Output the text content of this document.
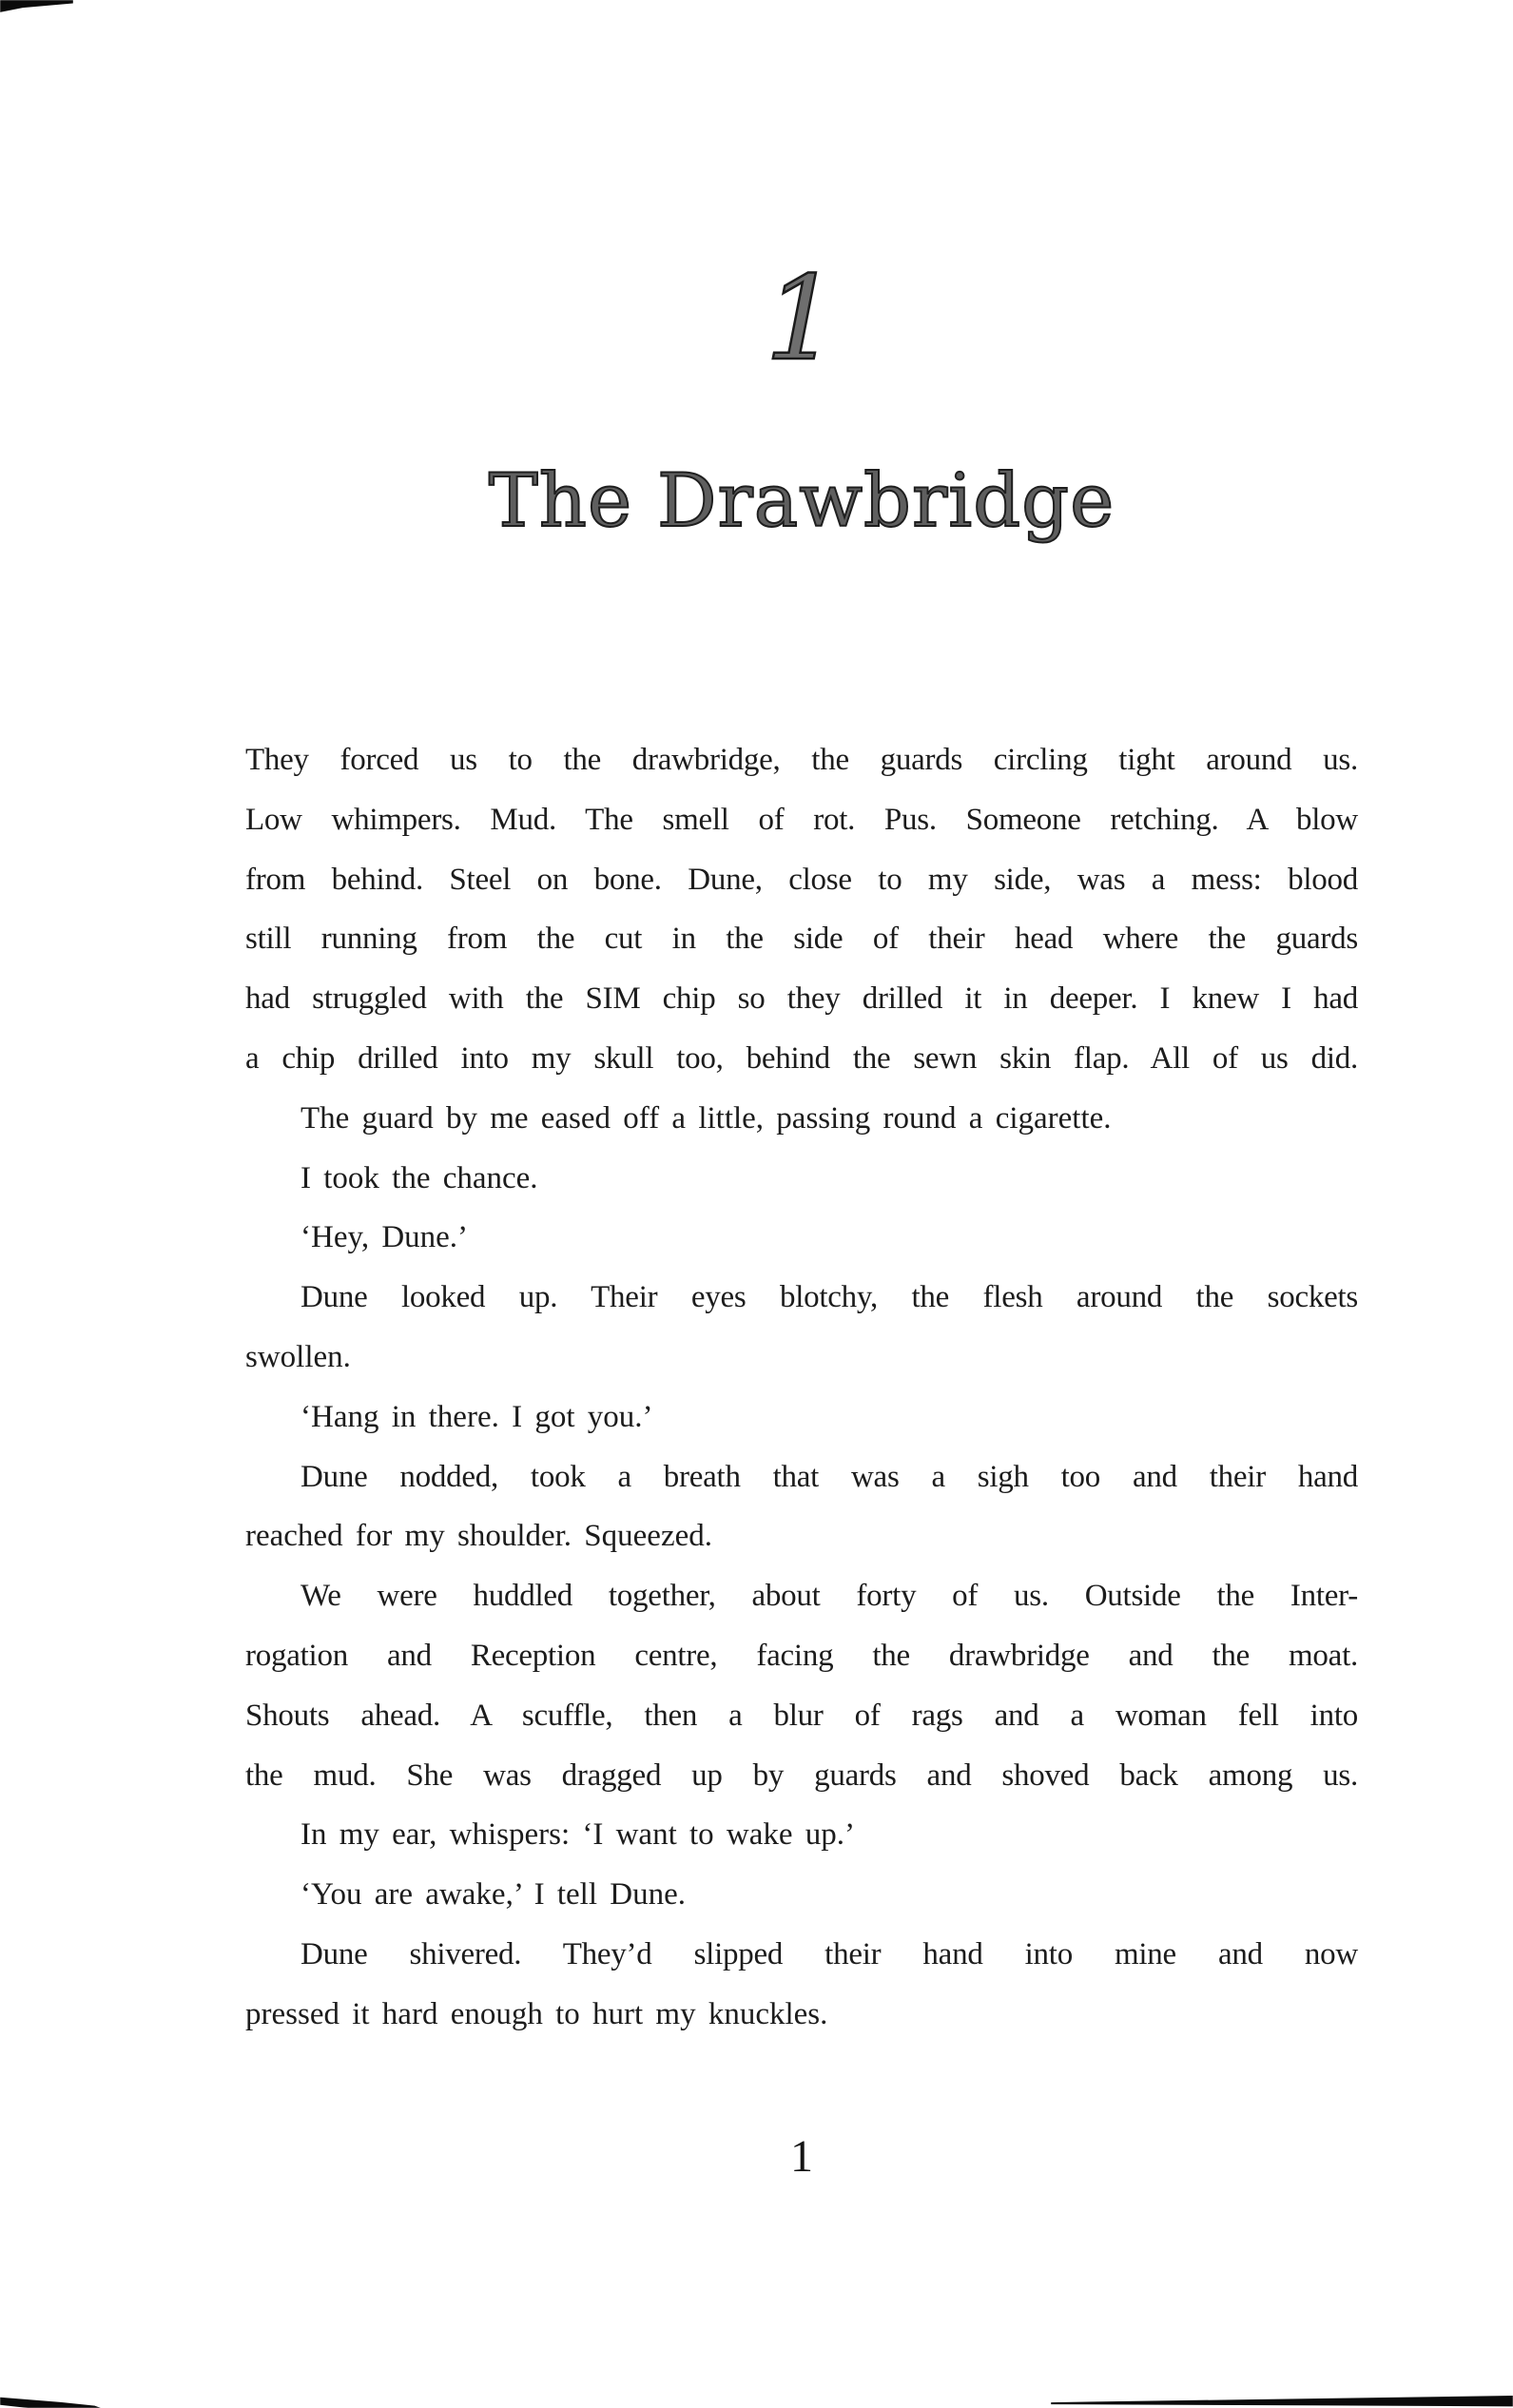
1
The Drawbridge
They forced us to the drawbridge, the guards circling tight around us.
Low whimpers. Mud. The smell of rot. Pus. Someone retching. A blow
from behind. Steel on bone. Dune, close to my side, was a mess: blood
still running from the cut in the side of their head where the guards
had struggled with the SIM chip so they drilled it in deeper. I knew I had
a chip drilled into my skull too, behind the sewn skin flap. All of us did.
The guard by me eased off a little, passing round a cigarette.
I took the chance.
‘Hey, Dune.’
Dune looked up. Their eyes blotchy, the flesh around the sockets
swollen.
‘Hang in there. I got you.’
Dune nodded, took a breath that was a sigh too and their hand
reached for my shoulder. Squeezed.
We were huddled together, about forty of us. Outside the Inter-
rogation and Reception centre, facing the drawbridge and the moat.
Shouts ahead. A scuffle, then a blur of rags and a woman fell into
the mud. She was dragged up by guards and shoved back among us.
In my ear, whispers: ‘I want to wake up.’
‘You are awake,’ I tell Dune.
Dune shivered. They’d slipped their hand into mine and now
pressed it hard enough to hurt my knuckles.
1
